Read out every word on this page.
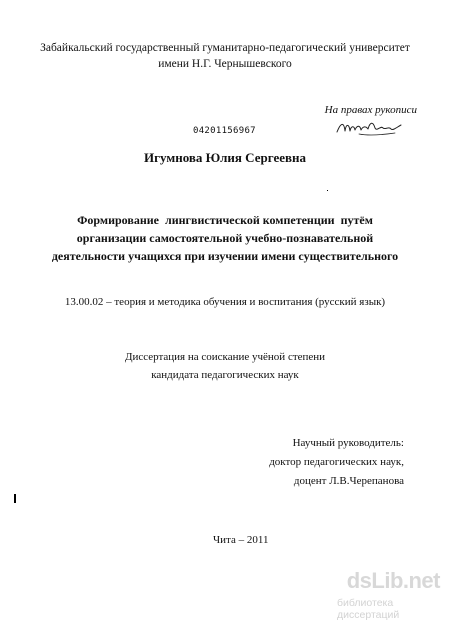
Забайкальский государственный гуманитарно-педагогический университет
имени Н.Г. Чернышевского
На правах рукописи
04201156967
Игумнова Юлия Сергеевна
Формирование  лингвистической компетенции  путём
организации самостоятельной учебно-познавательной
деятельности учащихся при изучении имени существительного
13.00.02 – теория и методика обучения и воспитания (русский язык)
Диссертация на соискание учёной степени
кандидата педагогических наук
Научный руководитель:
доктор педагогических наук,
доцент Л.В.Черепанова
Чита – 2011
dsLib.net
библиотека диссертаций
